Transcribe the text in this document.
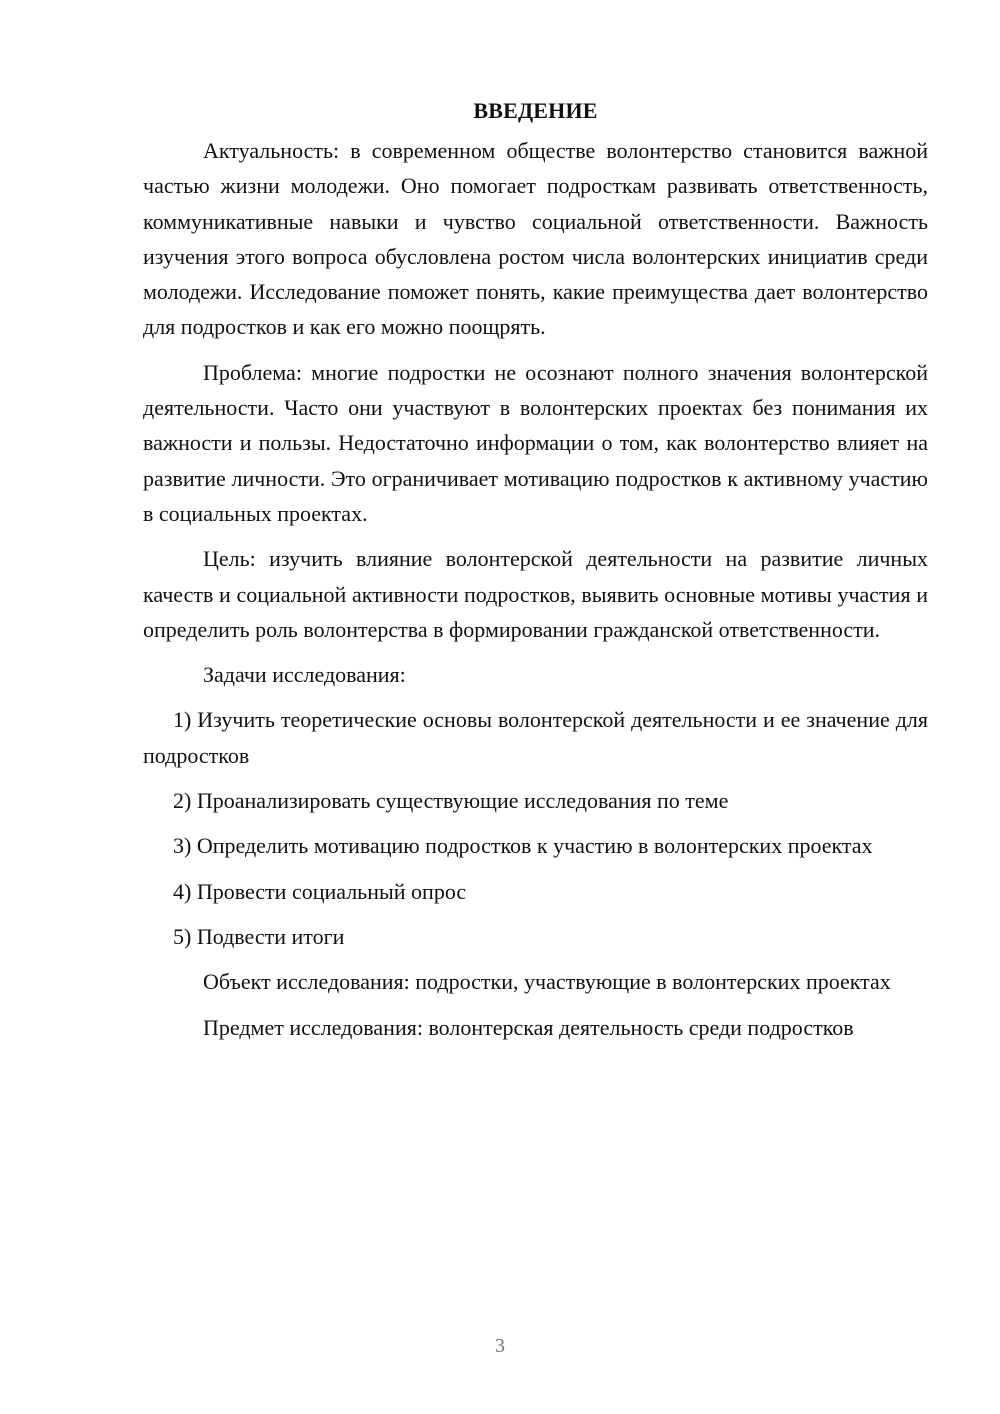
ВВЕДЕНИЕ

Актуальность: в современном обществе волонтерство становится важной частью жизни молодежи. Оно помогает подросткам развивать ответственность, коммуникативные навыки и чувство социальной ответственности. Важность изучения этого вопроса обусловлена ростом числа волонтерских инициатив среди молодежи. Исследование поможет понять, какие преимущества дает волонтерство для подростков и как его можно поощрять.

Проблема: многие подростки не осознают полного значения волонтерской деятельности. Часто они участвуют в волонтерских проектах без понимания их важности и пользы. Недостаточно информации о том, как волонтерство влияет на развитие личности. Это ограничивает мотивацию подростков к активному участию в социальных проектах.

Цель: изучить влияние волонтерской деятельности на развитие личных качеств и социальной активности подростков, выявить основные мотивы участия и определить роль волонтерства в формировании гражданской ответственности.

Задачи исследования:

1) Изучить теоретические основы волонтерской деятельности и ее значение для подростков

2) Проанализировать существующие исследования по теме

3) Определить мотивацию подростков к участию в волонтерских проектах

4) Провести социальный опрос

5) Подвести итоги

Объект исследования: подростки, участвующие в волонтерских проектах

Предмет исследования: волонтерская деятельность среди подростков

3
